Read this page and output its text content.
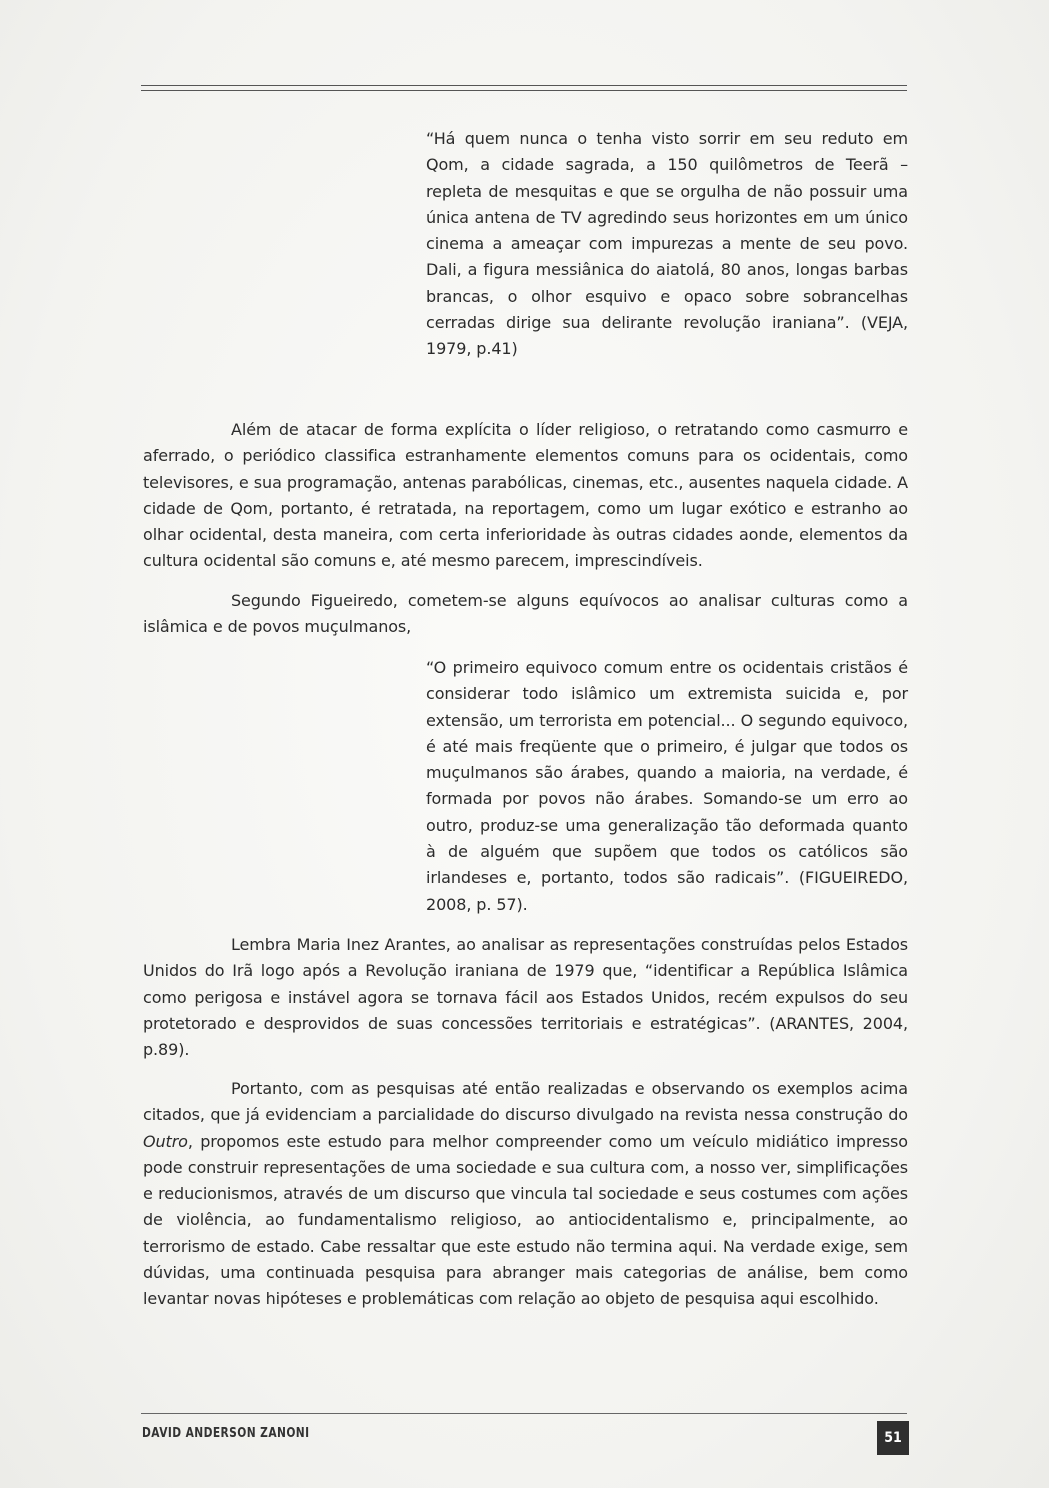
“Há quem nunca o tenha visto sorrir em seu reduto em Qom, a cidade sagrada, a 150 quilômetros de Teerã – repleta de mesquitas e que se orgulha de não possuir uma única antena de TV agredindo seus horizontes em um único cinema a ameaçar com impurezas a mente de seu povo. Dali, a figura messiânica do aiatolá, 80 anos, longas barbas brancas, o olhor esquivo e opaco sobre sobrancelhas cerradas dirige sua delirante revolução iraniana”. (VEJA, 1979, p.41)

Além de atacar de forma explícita o líder religioso, o retratando como casmurro e aferrado, o periódico classifica estranhamente elementos comuns para os ocidentais, como televisores, e sua programação, antenas parabólicas, cinemas, etc., ausentes naquela cidade. A cidade de Qom, portanto, é retratada, na reportagem, como um lugar exótico e estranho ao olhar ocidental, desta maneira, com certa inferioridade às outras cidades aonde, elementos da cultura ocidental são comuns e, até mesmo parecem, imprescindíveis.

Segundo Figueiredo, cometem-se alguns equívocos ao analisar culturas como a islâmica e de povos muçulmanos,

“O primeiro equivoco comum entre os ocidentais cristãos é considerar todo islâmico um extremista suicida e, por extensão, um terrorista em potencial... O segundo equivoco, é até mais freqüente que o primeiro, é julgar que todos os muçulmanos são árabes, quando a maioria, na verdade, é formada por povos não árabes. Somando-se um erro ao outro, produz-se uma generalização tão deformada quanto à de alguém que supõem que todos os católicos são irlandeses e, portanto, todos são radicais”. (FIGUEIREDO, 2008, p. 57).

Lembra Maria Inez Arantes, ao analisar as representações construídas pelos Estados Unidos do Irã logo após a Revolução iraniana de 1979 que, “identificar a República Islâmica como perigosa e instável agora se tornava fácil aos Estados Unidos, recém expulsos do seu protetorado e desprovidos de suas concessões territoriais e estratégicas”. (ARANTES, 2004, p.89).

Portanto, com as pesquisas até então realizadas e observando os exemplos acima citados, que já evidenciam a parcialidade do discurso divulgado na revista nessa construção do Outro, propomos este estudo para melhor compreender como um veículo midiático impresso pode construir representações de uma sociedade e sua cultura com, a nosso ver, simplificações e reducionismos, através de um discurso que vincula tal sociedade e seus costumes com ações de violência, ao fundamentalismo religioso, ao antiocidentalismo e, principalmente, ao terrorismo de estado. Cabe ressaltar que este estudo não termina aqui. Na verdade exige, sem dúvidas, uma continuada pesquisa para abranger mais categorias de análise, bem como levantar novas hipóteses e problemáticas com relação ao objeto de pesquisa aqui escolhido.

DAVID ANDERSON ZANONI	51
